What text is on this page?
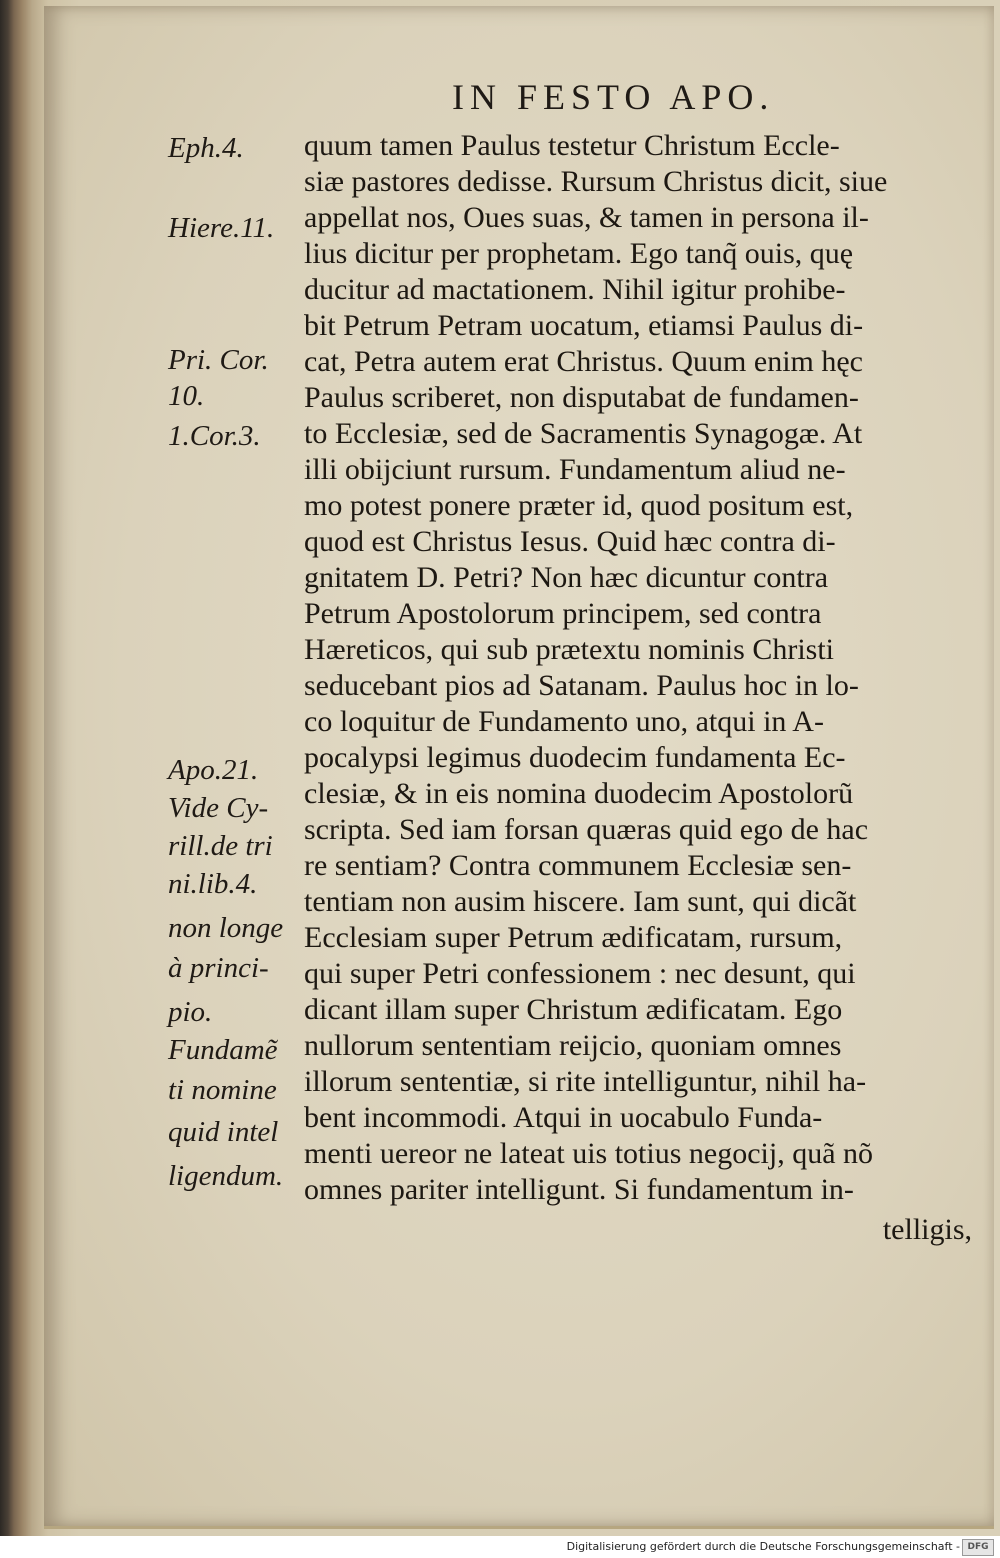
IN FESTO APO.
Eph.4.
Hiere.11.
Pri. Cor.
10.
1.Cor.3.
Apo.21.
Vide Cy-
rill.de tri
ni.lib.4.
non longe
à princi-
pio.
Fundamẽ
ti nomine
quid intel
ligendum.
quum tamen Paulus testetur Christum Eccle-
siæ pastores dedisse. Rursum Christus dicit, siue
appellat nos, Oues suas, & tamen in persona il-
lius dicitur per prophetam. Ego tanq̃ ouis, quę
ducitur ad mactationem. Nihil igitur prohibe-
bit Petrum Petram uocatum, etiamsi Paulus di-
cat, Petra autem erat Christus. Quum enim hęc
Paulus scriberet, non disputabat de fundamen-
to Ecclesiæ, sed de Sacramentis Synagogæ. At
illi obijciunt rursum. Fundamentum aliud ne-
mo potest ponere præter id, quod positum est,
quod est Christus Iesus. Quid hæc contra di-
gnitatem D. Petri? Non hæc dicuntur contra
Petrum Apostolorum principem, sed contra
Hæreticos, qui sub prætextu nominis Christi
seducebant pios ad Satanam. Paulus hoc in lo-
co loquitur de Fundamento uno, atqui in A-
pocalypsi legimus duodecim fundamenta Ec-
clesiæ, & in eis nomina duodecim Apostolorũ
scripta. Sed iam forsan quæras quid ego de hac
re sentiam? Contra communem Ecclesiæ sen-
tentiam non ausim hiscere. Iam sunt, qui dicãt
Ecclesiam super Petrum ædificatam, rursum,
qui super Petri confessionem : nec desunt, qui
dicant illam super Christum ædificatam. Ego
nullorum sententiam reijcio, quoniam omnes
illorum sententiæ, si rite intelliguntur, nihil ha-
bent incommodi. Atqui in uocabulo Funda-
menti uereor ne lateat uis totius negocij, quã nõ
omnes pariter intelligunt. Si fundamentum in-
telligis,
Digitalisierung gefördert durch die Deutsche Forschungsgemeinschaft - DFG
